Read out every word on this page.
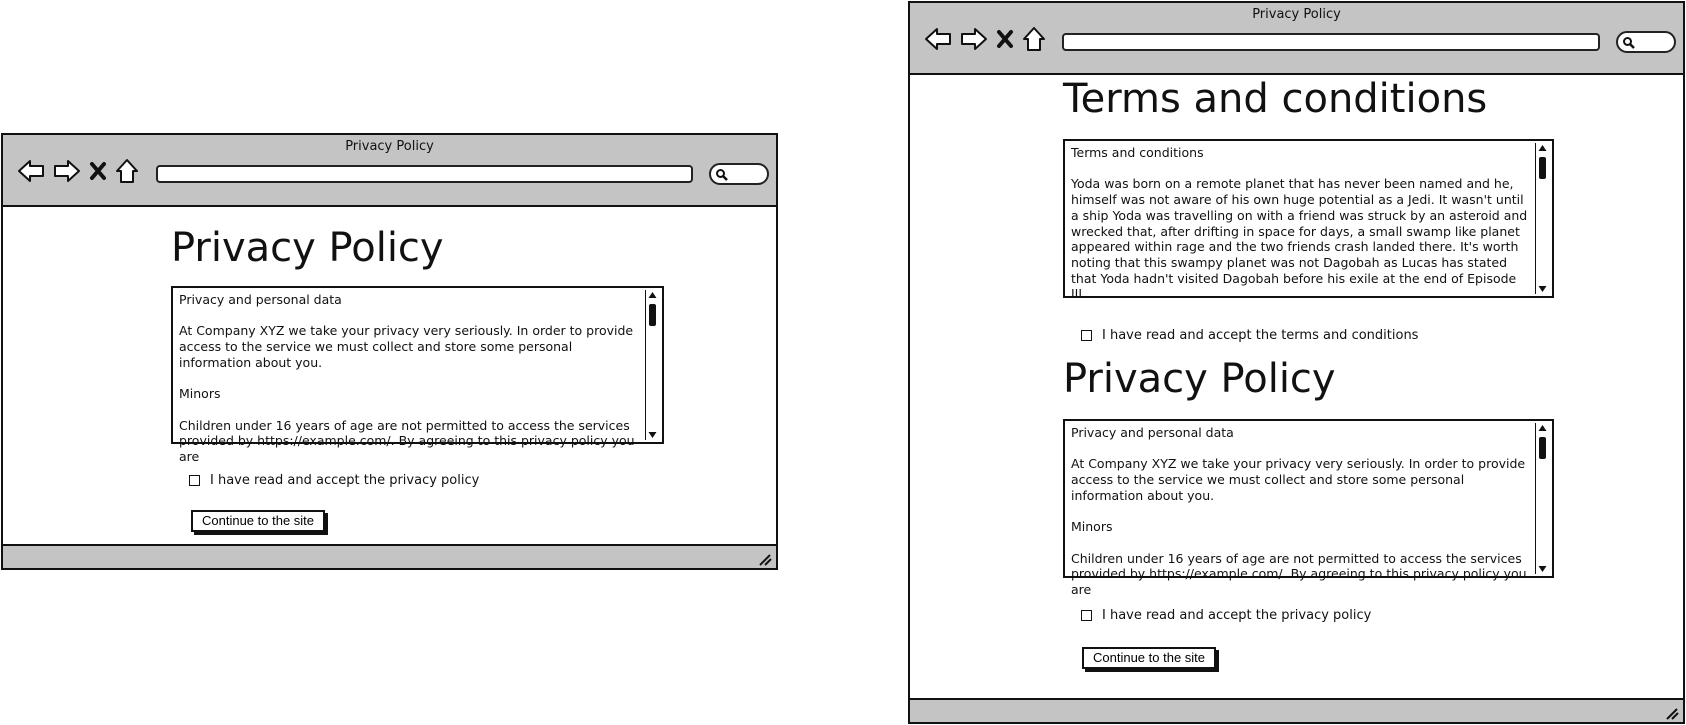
Privacy Policy
Privacy Policy
Privacy and personal data

At Company XYZ we take your privacy very seriously. In order to provide access to the service we must collect and store some personal information about you.

Minors

Children under 16 years of age are not permitted to access the services provided by https://example.com/. By agreeing to this privacy policy you are
I have read and accept the privacy policy
Continue to the site
Privacy Policy
Terms and conditions
Terms and conditions

Yoda was born on a remote planet that has never been named and he, himself was not aware of his own huge potential as a Jedi. It wasn't until a ship Yoda was travelling on with a friend was struck by an asteroid and wrecked that, after drifting in space for days, a small swamp like planet appeared within rage and the two friends crash landed there. It's worth noting that this swampy planet was not Dagobah as Lucas has stated that Yoda hadn't visited Dagobah before his exile at the end of Episode III.
I have read and accept the terms and conditions
Privacy Policy
Privacy and personal data

At Company XYZ we take your privacy very seriously. In order to provide access to the service we must collect and store some personal information about you.

Minors

Children under 16 years of age are not permitted to access the services provided by https://example.com/. By agreeing to this privacy policy you are
I have read and accept the privacy policy
Continue to the site
